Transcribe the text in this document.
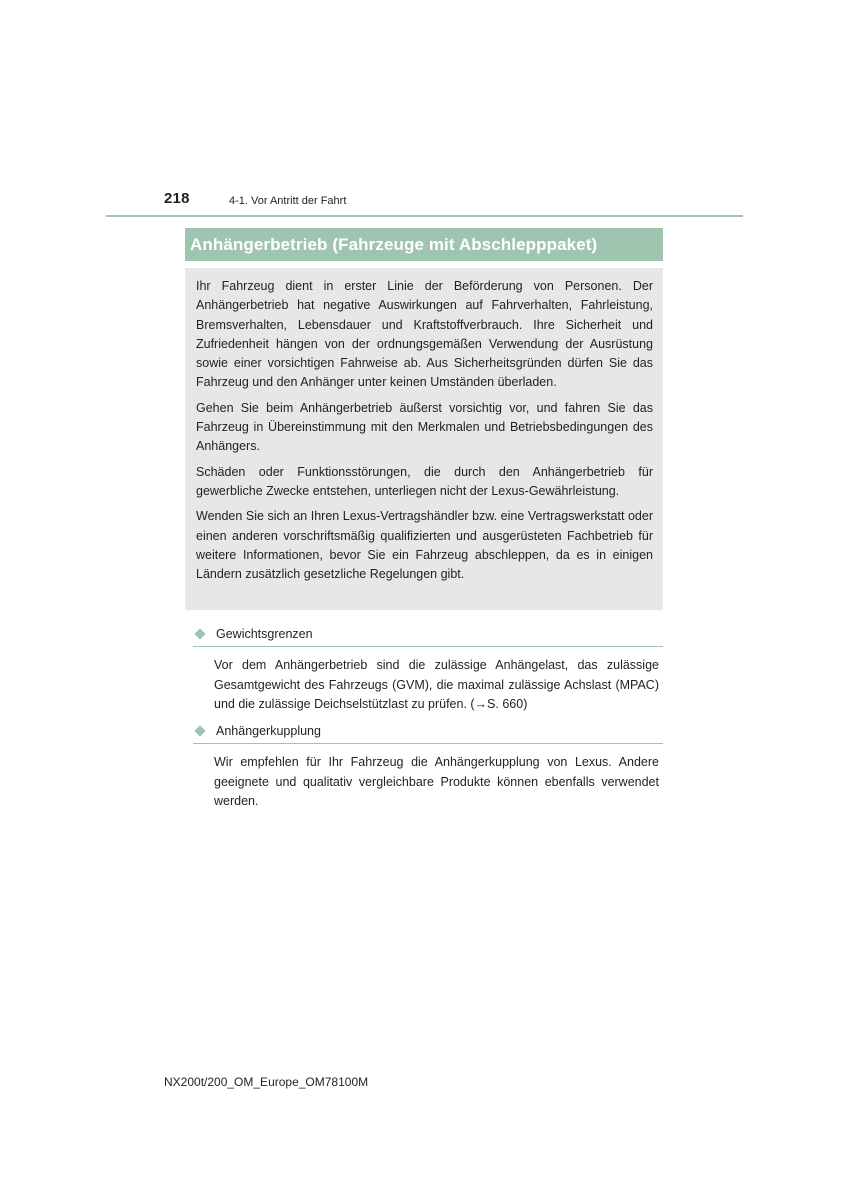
218	4-1. Vor Antritt der Fahrt
Anhängerbetrieb (Fahrzeuge mit Abschlepppaket)

Ihr Fahrzeug dient in erster Linie der Beförderung von Personen. Der Anhängerbetrieb hat negative Auswirkungen auf Fahrverhalten, Fahrleistung, Bremsverhalten, Lebensdauer und Kraftstoffverbrauch. Ihre Sicherheit und Zufriedenheit hängen von der ordnungsgemäßen Verwendung der Ausrüstung sowie einer vorsichtigen Fahrweise ab. Aus Sicherheitsgründen dürfen Sie das Fahrzeug und den Anhänger unter keinen Umständen überladen.

Gehen Sie beim Anhängerbetrieb äußerst vorsichtig vor, und fahren Sie das Fahrzeug in Übereinstimmung mit den Merkmalen und Betriebsbedingungen des Anhängers.

Schäden oder Funktionsstörungen, die durch den Anhängerbetrieb für gewerbliche Zwecke entstehen, unterliegen nicht der Lexus-Gewährleistung.

Wenden Sie sich an Ihren Lexus-Vertragshändler bzw. eine Vertragswerkstatt oder einen anderen vorschriftsmäßig qualifizierten und ausgerüsteten Fachbetrieb für weitere Informationen, bevor Sie ein Fahrzeug abschleppen, da es in einigen Ländern zusätzlich gesetzliche Regelungen gibt.

Gewichtsgrenzen
Vor dem Anhängerbetrieb sind die zulässige Anhängelast, das zulässige Gesamtgewicht des Fahrzeugs (GVM), die maximal zulässige Achslast (MPAC) und die zulässige Deichselstützlast zu prüfen. (→S. 660)
Anhängerkupplung
Wir empfehlen für Ihr Fahrzeug die Anhängerkupplung von Lexus. Andere geeignete und qualitativ vergleichbare Produkte können ebenfalls verwendet werden.
NX200t/200_OM_Europe_OM78100M
